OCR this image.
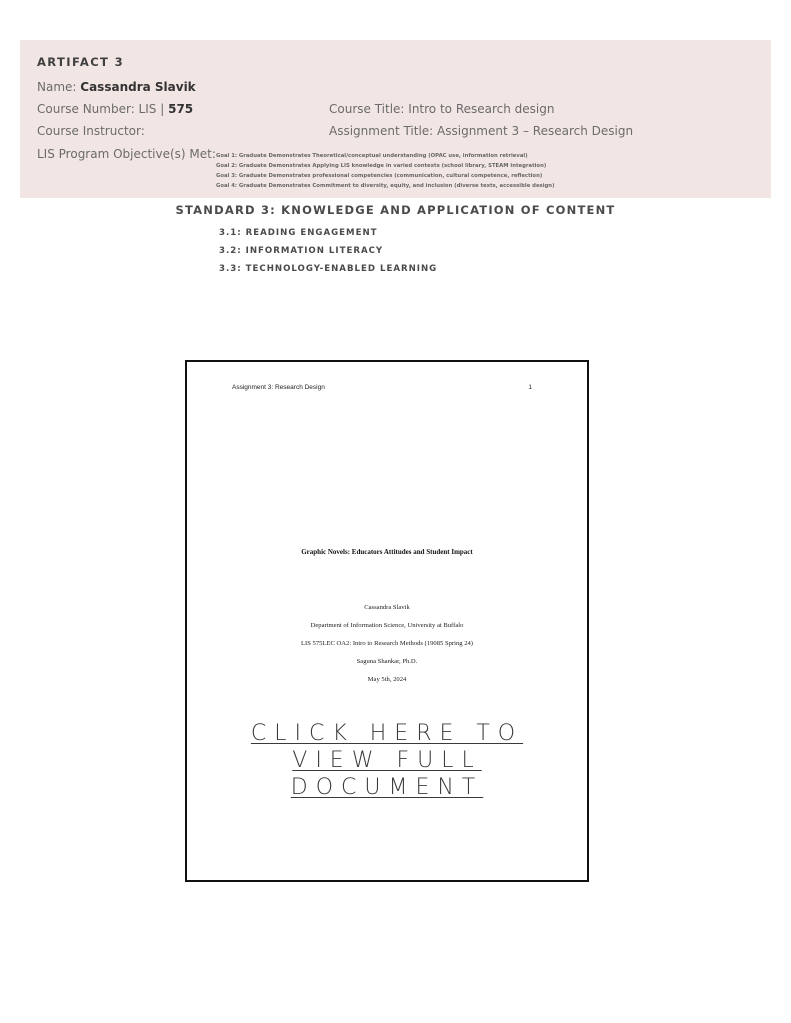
ARTIFACT 3
Name: Cassandra Slavik
Course Number: LIS | 575	Course Title: Intro to Research design
Course Instructor:	Assignment Title: Assignment 3 – Research Design
LIS Program Objective(s) Met: Goal 1: Graduate Demonstrates Theoretical/conceptual understanding (OPAC use, information retrieval)
Goal 2: Graduate Demonstrates Applying LIS knowledge in varied contexts (school library, STEAM integration)
Goal 3: Graduate Demonstrates professional competencies (communication, cultural competence, reflection)
Goal 4: Graduate Demonstrates Commitment to diversity, equity, and inclusion (diverse texts, accessible design)
STANDARD 3: KNOWLEDGE AND APPLICATION OF CONTENT
3.1: READING ENGAGEMENT
3.2: INFORMATION LITERACY
3.3: TECHNOLOGY-ENABLED LEARNING
Assignment 3: Research Design	1
Graphic Novels: Educators Attitudes and Student Impact
Cassandra Slavik
Department of Information Science, University at Buffalo
LIS 575LEC OA2: Intro to Research Methods (19085 Spring 24)
Saguna Shankar, Ph.D.
May 5th, 2024
CLICK HERE TO
VIEW FULL
DOCUMENT
